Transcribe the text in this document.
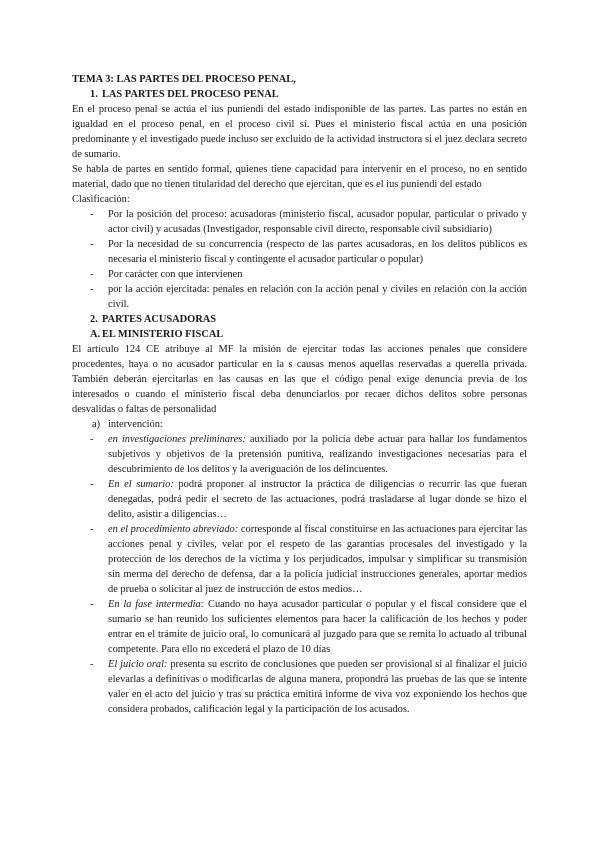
TEMA 3: LAS PARTES DEL PROCESO PENAL,

1. LAS PARTES DEL PROCESO PENAL

En el proceso penal se actúa el ius puniendi del estado indisponible de las partes. Las partes no están en igualdad en el proceso penal, en el proceso civil sí. Pues el ministerio fiscal actúa en una posición predominante y el investigado puede incluso ser excluido de la actividad instructora si el juez declara secreto de sumario.

Se habla de partes en sentido formal, quienes tiene capacidad para intervenir en el proceso, no en sentido material, dado que no tienen titularidad del derecho que ejercitan, que es el ius puniendi del estado

Clasificación:

- Por la posición del proceso: acusadoras (ministerio fiscal, acusador popular, particular o privado y actor civil) y acusadas (Investigador, responsable civil directo, responsable civil subsidiario)
- Por la necesidad de su concurrencia (respecto de las partes acusadoras, en los delitos públicos es necesaria el ministerio fiscal y contingente el acusador particular o popular)
- Por carácter con que intervienen
- por la acción ejercitada: penales en relación con la acción penal y civiles en relación con la acción civil.

2. PARTES ACUSADORAS

A. EL MINISTERIO FISCAL

El artículo 124 CE atribuye al MF la misión de ejercitar todas las acciones penales que considere procedentes, haya o no acusador particular en la s causas menos aquellas reservadas a querella privada. También deberán ejercitarlas en las causas en las que el código penal exige denuncia previa de los interesados o cuando el ministerio fiscal deba denunciarlos por recaer dichos delitos sobre personas desvalidas o faltas de personalidad

a) intervención:

- en investigaciones preliminares: auxiliado por la policía debe actuar para hallar los fundamentos subjetivos y objetivos de la pretensión punitiva, realizando investigaciones necesarias para el descubrimiento de los delitos y la averiguación de los delincuentes.
- En el sumario: podrá proponer al instructor la práctica de diligencias o recurrir las que fueran denegadas, podrá pedir el secreto de las actuaciones, podrá trasladarse al lugar donde se hizo el delito, asistir a diligencias…
- en el procedimiento abreviado: corresponde al fiscal constituirse en las actuaciones para ejercitar las acciones penal y civiles, velar por el respeto de las garantías procesales del investigado y la protección de los derechos de la víctima y los perjudicados, impulsar y simplificar su transmisión sin merma del derecho de defensa, dar a la policía judicial instrucciones generales, aportar medios de prueba o solicitar al juez de instrucción de estos medios…
- En la fase intermedia: Cuando no haya acusador particular o popular y el fiscal considere que el sumario se han reunido los suficientes elementos para hacer la calificación de los hechos y poder entrar en el trámite de juicio oral, lo comunicará al juzgado para que se remita lo actuado al tribunal competente. Para ello no excederá el plazo de 10 días
- El juicio oral: presenta su escrito de conclusiones que pueden ser provisional si al finalizar el juicio elevarlas a definitivas o modificarlas de alguna manera, propondrá las pruebas de las que se intente valer en el acto del juicio y tras su práctica emitirá informe de viva voz exponiendo los hechos que considera probados, calificación legal y la participación de los acusados.
